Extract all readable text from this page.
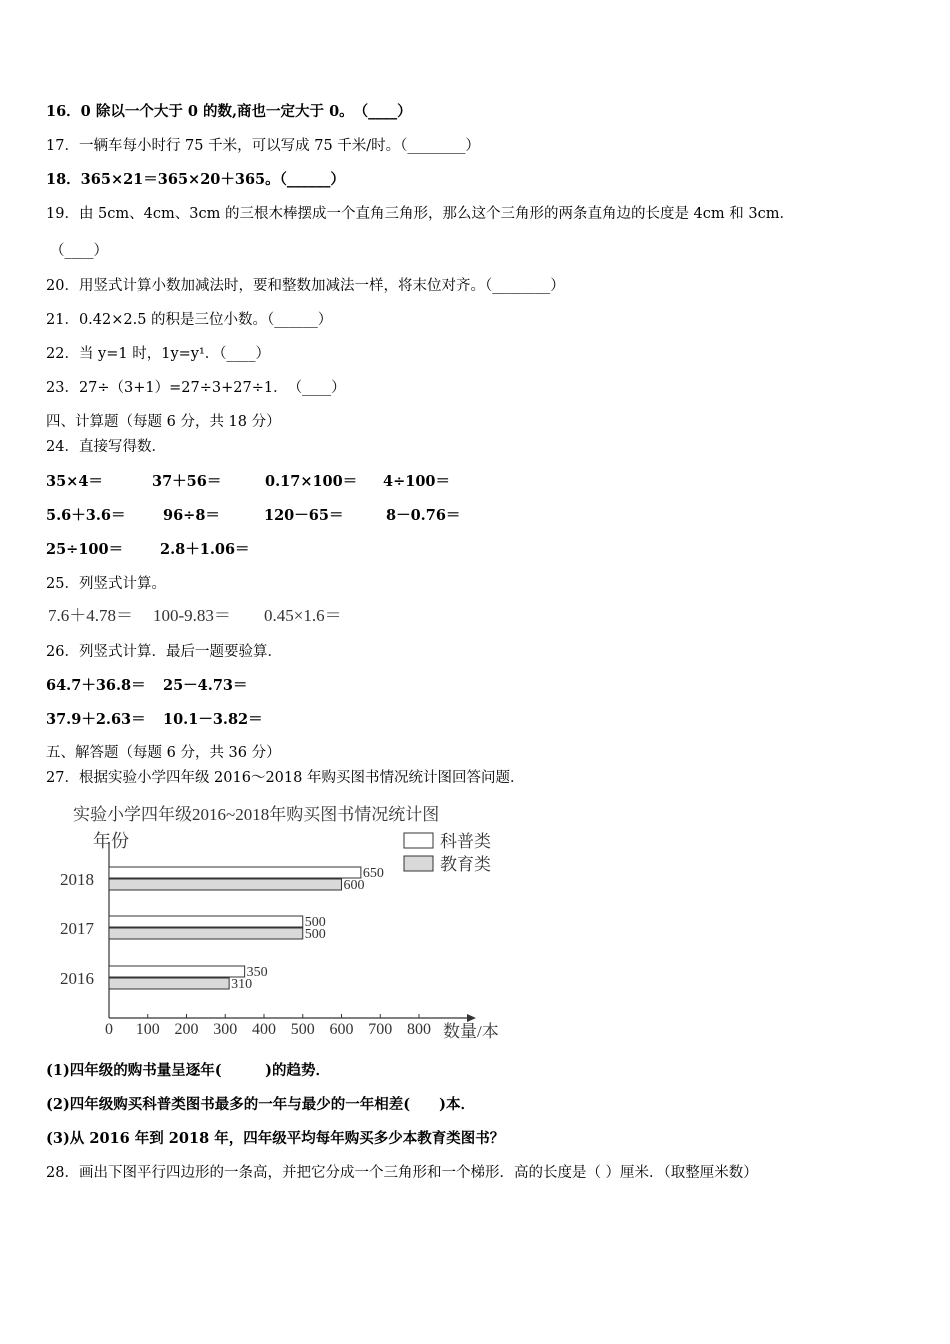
16．0 除以一个大于 0 的数,商也一定大于 0。　（____）
17．一辆车每小时行 75 千米，可以写成 75 千米/时。（________）
18．365×21＝365×20＋365。（______）
19．由 5cm、4cm、3cm 的三根木棒摆成一个直角三角形，那么这个三角形的两条直角边的长度是 4cm 和 3cm．
（____）
20．用竖式计算小数加减法时，要和整数加减法一样，将末位对齐。（________）
21．0.42×2.5 的积是三位小数。（______）
22．当 y=1 时，1y=y¹．（____）
23．27÷（3+1）=27÷3+27÷1．　（____）
四、计算题（每题 6 分，共 18 分）
24．直接写得数．
35×4＝	37＋56＝	0.17×100＝ 4÷100＝
5.6＋3.6＝	96÷8＝	120－65＝	8－0.76＝
25÷100＝	2.8＋1.06＝
25．列竖式计算。
7.6＋4.78＝ 100‐9.83＝ 0.45×1.6＝
26．列竖式计算．最后一题要验算．
64.7＋36.8＝ 25－4.73＝
37.9＋2.63＝ 10.1－3.82＝
五、解答题（每题 6 分，共 36 分）
27．根据实验小学四年级 2016～2018 年购买图书情况统计图回答问题．
实验小学四年级2016~2018年购买图书情况统计图
年份
数量/本
科普类
教育类
2018	650
600
2017	500
500
2016	350
310
0 100 200 300 400 500 600 700 800
(1)四年级的购书量呈逐年(　　　)的趋势．
(2)四年级购买科普类图书最多的一年与最少的一年相差(　　)本．
(3)从 2016 年到 2018 年，四年级平均每年购买多少本教育类图书？
28．画出下图平行四边形的一条高，并把它分成一个三角形和一个梯形．高的长度是（ ）厘米．（取整厘米数）
